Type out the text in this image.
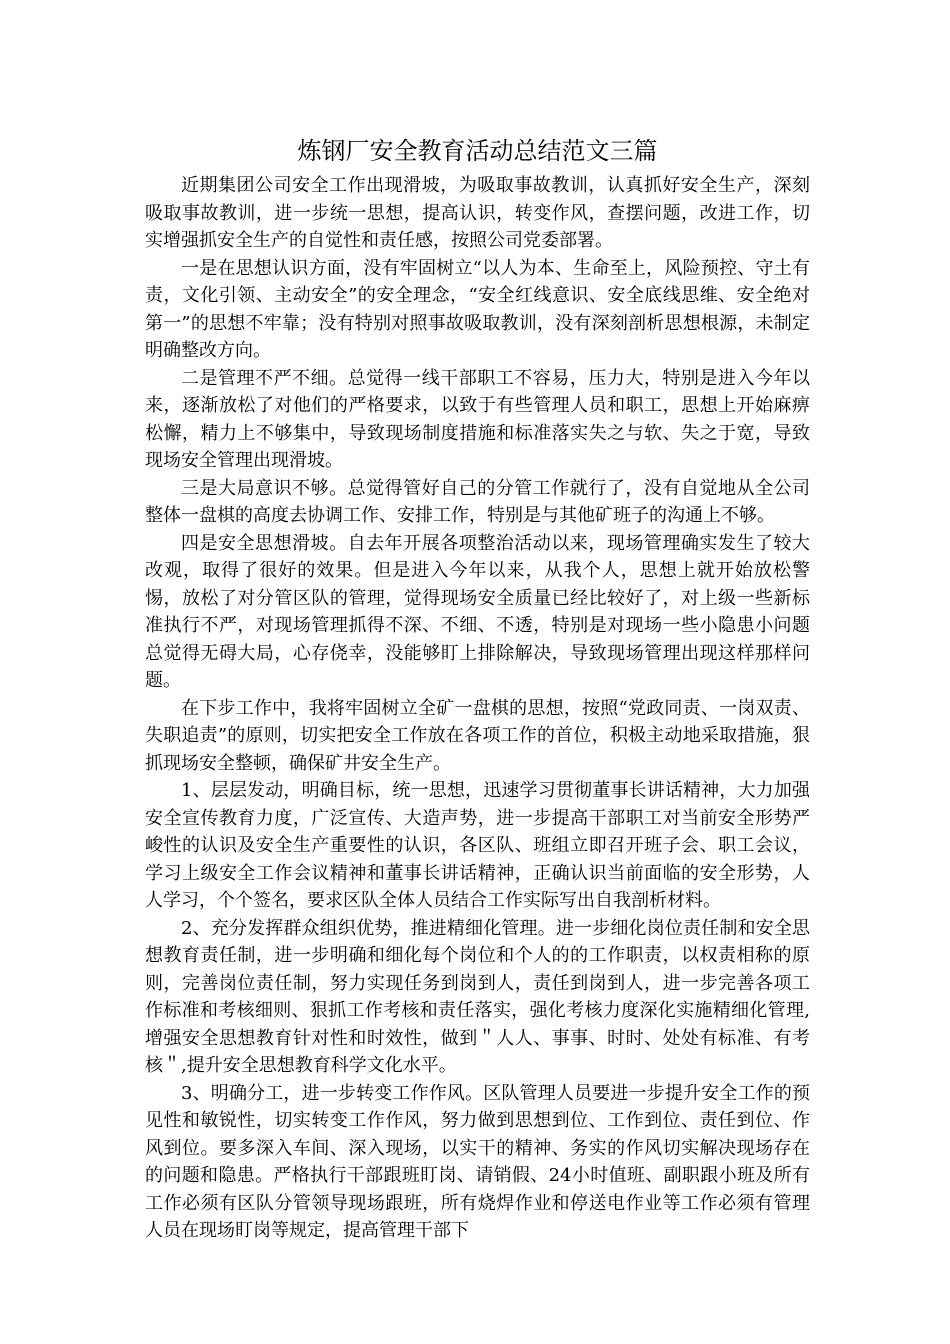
炼钢厂安全教育活动总结范文三篇

近期集团公司安全工作出现滑坡，为吸取事故教训，认真抓好安全生产，深刻吸取事故教训，进一步统一思想，提高认识，转变作风，查摆问题，改进工作，切实增强抓安全生产的自觉性和责任感，按照公司党委部署。

一是在思想认识方面，没有牢固树立“以人为本、生命至上，风险预控、守土有责，文化引领、主动安全”的安全理念，“安全红线意识、安全底线思维、安全绝对第一”的思想不牢靠；没有特别对照事故吸取教训，没有深刻剖析思想根源，未制定明确整改方向。

二是管理不严不细。总觉得一线干部职工不容易，压力大，特别是进入今年以来，逐渐放松了对他们的严格要求，以致于有些管理人员和职工，思想上开始麻痹松懈，精力上不够集中，导致现场制度措施和标准落实失之与软、失之于宽，导致现场安全管理出现滑坡。

三是大局意识不够。总觉得管好自己的分管工作就行了，没有自觉地从全公司整体一盘棋的高度去协调工作、安排工作，特别是与其他矿班子的沟通上不够。

四是安全思想滑坡。自去年开展各项整治活动以来，现场管理确实发生了较大改观，取得了很好的效果。但是进入今年以来，从我个人，思想上就开始放松警惕，放松了对分管区队的管理，觉得现场安全质量已经比较好了，对上级一些新标准执行不严，对现场管理抓得不深、不细、不透，特别是对现场一些小隐患小问题总觉得无碍大局，心存侥幸，没能够盯上排除解决，导致现场管理出现这样那样问题。

在下步工作中，我将牢固树立全矿一盘棋的思想，按照“党政同责、一岗双责、失职追责”的原则，切实把安全工作放在各项工作的首位，积极主动地采取措施，狠抓现场安全整顿，确保矿井安全生产。

1、层层发动，明确目标，统一思想，迅速学习贯彻董事长讲话精神，大力加强安全宣传教育力度，广泛宣传、大造声势，进一步提高干部职工对当前安全形势严峻性的认识及安全生产重要性的认识，各区队、班组立即召开班子会、职工会议，学习上级安全工作会议精神和董事长讲话精神，正确认识当前面临的安全形势，人人学习，个个签名，要求区队全体人员结合工作实际写出自我剖析材料。

2、充分发挥群众组织优势，推进精细化管理。进一步细化岗位责任制和安全思想教育责任制，进一步明确和细化每个岗位和个人的的工作职责，以权责相称的原则，完善岗位责任制，努力实现任务到岗到人，责任到岗到人，进一步完善各项工作标准和考核细则、狠抓工作考核和责任落实，强化考核力度深化实施精细化管理,增强安全思想教育针对性和时效性，做到＂人人、事事、时时、处处有标准、有考核＂,提升安全思想教育科学文化水平。

3、明确分工，进一步转变工作作风。区队管理人员要进一步提升安全工作的预见性和敏锐性，切实转变工作作风，努力做到思想到位、工作到位、责任到位、作风到位。要多深入车间、深入现场，以实干的精神、务实的作风切实解决现场存在的问题和隐患。严格执行干部跟班盯岗、请销假、24小时值班、副职跟小班及所有工作必须有区队分管领导现场跟班，所有烧焊作业和停送电作业等工作必须有管理人员在现场盯岗等规定，提高管理干部下
